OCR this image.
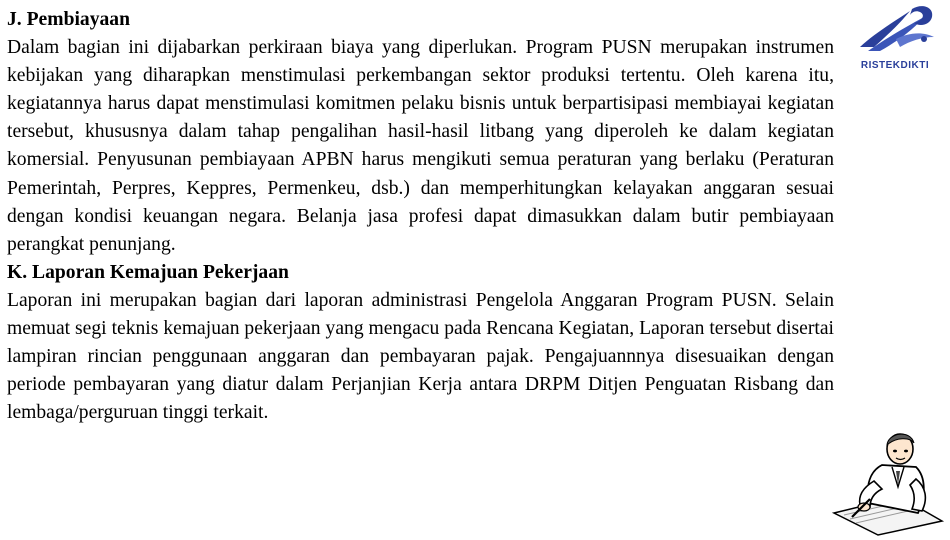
J. Pembiayaan

Dalam bagian ini dijabarkan perkiraan biaya yang diperlukan. Program PUSN merupakan instrumen kebijakan yang diharapkan menstimulasi perkembangan sektor produksi tertentu. Oleh karena itu, kegiatannya harus dapat menstimulasi komitmen pelaku bisnis untuk berpartisipasi membiayai kegiatan tersebut, khususnya dalam tahap pengalihan hasil-hasil litbang yang diperoleh ke dalam kegiatan komersial. Penyusunan pembiayaan APBN harus mengikuti semua peraturan yang berlaku (Peraturan Pemerintah, Perpres, Keppres, Permenkeu, dsb.) dan memperhitungkan kelayakan anggaran sesuai dengan kondisi keuangan negara. Belanja jasa profesi dapat dimasukkan dalam butir pembiayaan perangkat penunjang.

K. Laporan Kemajuan Pekerjaan

Laporan ini merupakan bagian dari laporan administrasi Pengelola Anggaran Program PUSN. Selain memuat segi teknis kemajuan pekerjaan yang mengacu pada Rencana Kegiatan, Laporan tersebut disertai lampiran rincian penggunaan anggaran dan pembayaran pajak. Pengajuannnya disesuaikan dengan periode pembayaran yang diatur dalam Perjanjian Kerja antara DRPM Ditjen Penguatan Risbang dan lembaga/perguruan tinggi terkait.

RISTEKDIKTI
